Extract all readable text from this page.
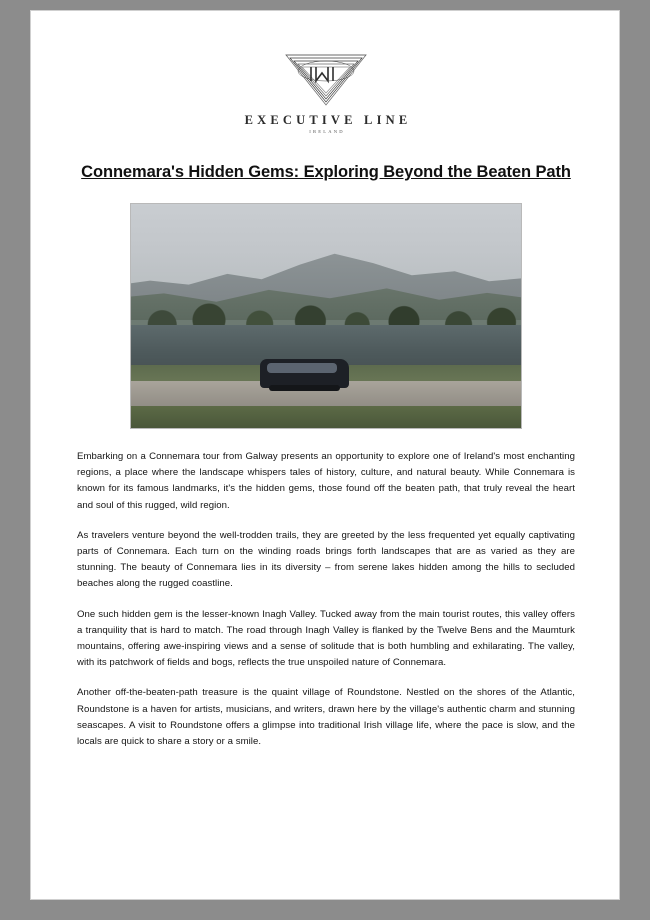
EXECUTIVE LINE
IRELAND
Connemara's Hidden Gems: Exploring Beyond the Beaten Path

Embarking on a Connemara tour from Galway presents an opportunity to explore one of Ireland's most enchanting regions, a place where the landscape whispers tales of history, culture, and natural beauty. While Connemara is known for its famous landmarks, it's the hidden gems, those found off the beaten path, that truly reveal the heart and soul of this rugged, wild region.

As travelers venture beyond the well-trodden trails, they are greeted by the less frequented yet equally captivating parts of Connemara. Each turn on the winding roads brings forth landscapes that are as varied as they are stunning. The beauty of Connemara lies in its diversity – from serene lakes hidden among the hills to secluded beaches along the rugged coastline.

One such hidden gem is the lesser-known Inagh Valley. Tucked away from the main tourist routes, this valley offers a tranquility that is hard to match. The road through Inagh Valley is flanked by the Twelve Bens and the Maumturk mountains, offering awe-inspiring views and a sense of solitude that is both humbling and exhilarating. The valley, with its patchwork of fields and bogs, reflects the true unspoiled nature of Connemara.

Another off-the-beaten-path treasure is the quaint village of Roundstone. Nestled on the shores of the Atlantic, Roundstone is a haven for artists, musicians, and writers, drawn here by the village's authentic charm and stunning seascapes. A visit to Roundstone offers a glimpse into traditional Irish village life, where the pace is slow, and the locals are quick to share a story or a smile.
